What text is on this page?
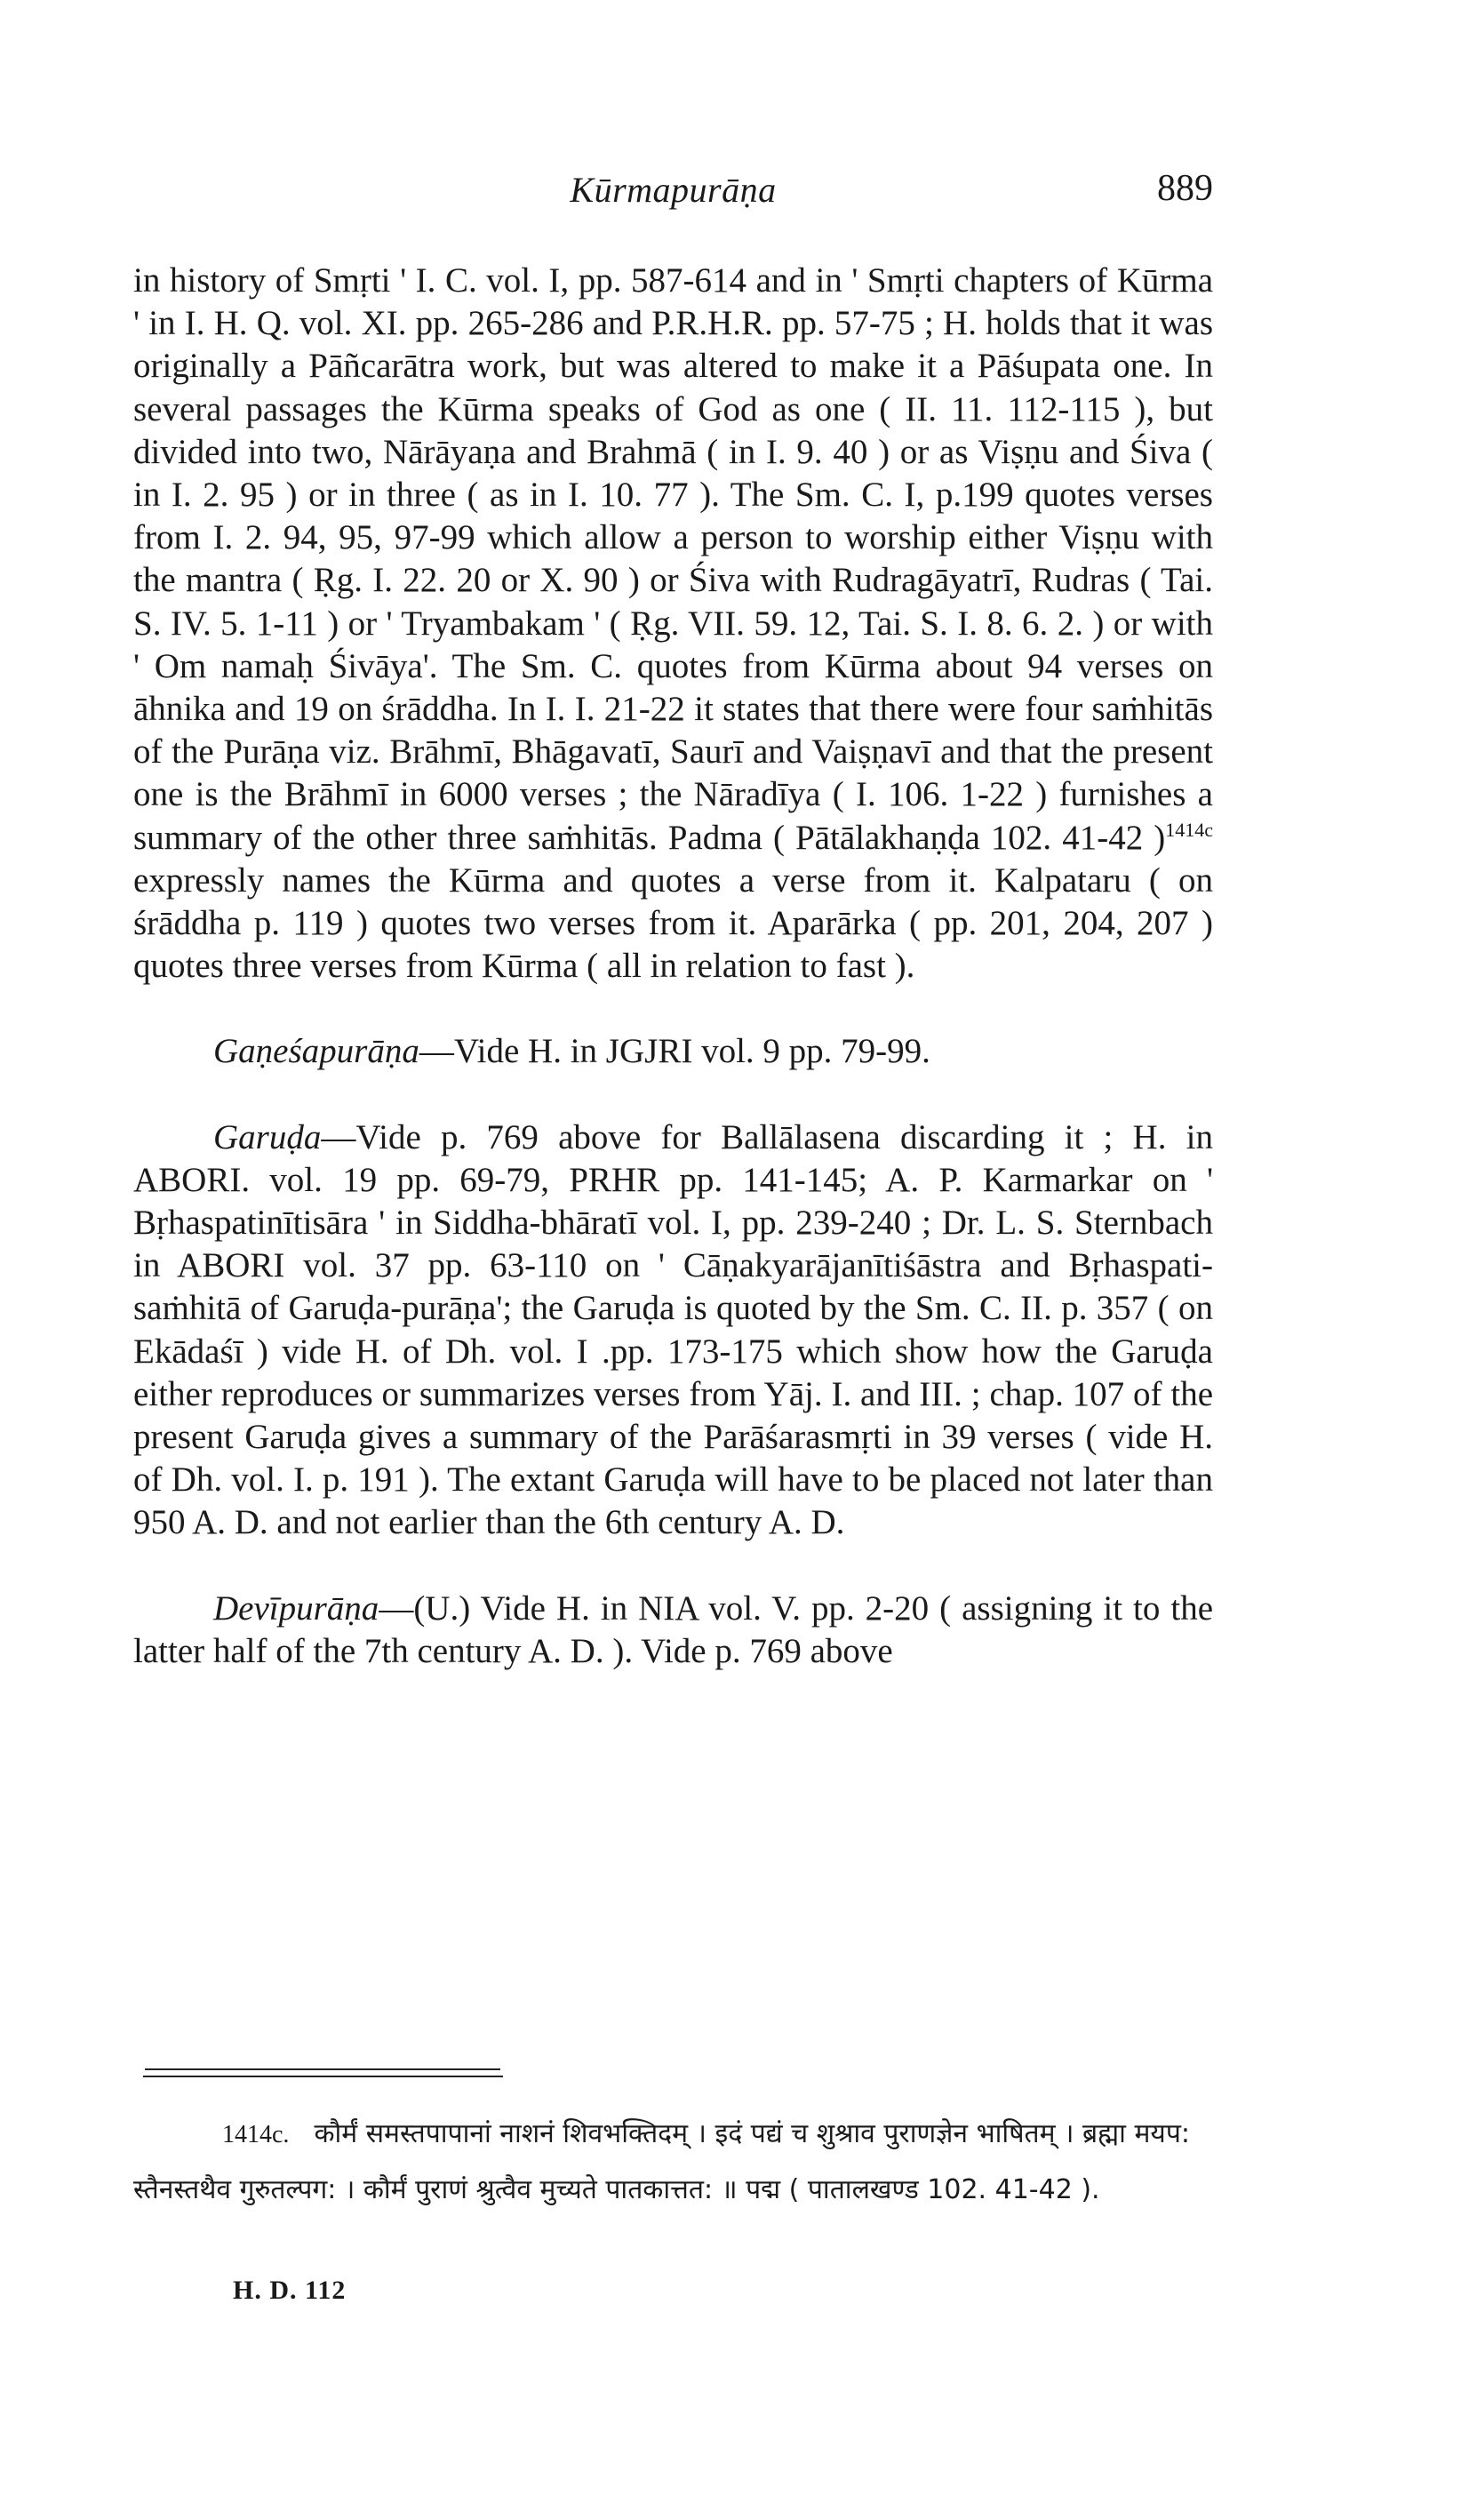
Kūrmapurāṇa	889

in history of Smṛti ' I. C. vol. I, pp. 587-614 and in ' Smṛti chapters of Kūrma ' in I. H. Q. vol. XI. pp. 265-286 and P.R.H.R. pp. 57-75 ; H. holds that it was originally a Pāñcarātra work, but was altered to make it a Pāśupata one. In several passages the Kūrma speaks of God as one ( II. 11. 112-115 ), but divided into two, Nārāyaṇa and Brahmā ( in I. 9. 40 ) or as Viṣṇu and Śiva ( in I. 2. 95 ) or in three ( as in I. 10. 77 ). The Sm. C. I, p.199 quotes verses from I. 2. 94, 95, 97-99 which allow a person to worship either Viṣṇu with the mantra ( Ṛg. I. 22. 20 or X. 90 ) or Śiva with Rudragāyatrī, Rudras ( Tai. S. IV. 5. 1-11 ) or ' Tryambakam ' ( Ṛg. VII. 59. 12, Tai. S. I. 8. 6. 2. ) or with ' Om namaḥ Śivāya'. The Sm. C. quotes from Kūrma about 94 verses on āhnika and 19 on śrāddha. In I. I. 21-22 it states that there were four saṁhitās of the Purāṇa viz. Brāhmī, Bhāgavatī, Saurī and Vaiṣṇavī and that the present one is the Brāhmī in 6000 verses ; the Nāradīya ( I. 106. 1-22 ) furnishes a summary of the other three saṁhitās. Padma ( Pātālakhaṇḍa 102. 41-42 )$^{1414c}$ expressly names the Kūrma and quotes a verse from it. Kalpataru ( on śrāddha p. 119 ) quotes two verses from it. Aparārka ( pp. 201, 204, 207 ) quotes three verses from Kūrma ( all in relation to fast ).

Gaṇeśapurāṇa—Vide H. in JGJRI vol. 9 pp. 79-99.

Garuḍa—Vide p. 769 above for Ballālasena discarding it ; H. in ABORI. vol. 19 pp. 69-79, PRHR pp. 141-145; A. P. Karmarkar on ' Bṛhaspatinītisāra ' in Siddha-bhāratī vol. I, pp. 239-240 ; Dr. L. S. Sternbach in ABORI vol. 37 pp. 63-110 on ' Cāṇakyarājanītiśāstra and Bṛhaspati-saṁhitā of Garuḍa-purāṇa'; the Garuḍa is quoted by the Sm. C. II. p. 357 ( on Ekādaśī ) vide H. of Dh. vol. I .pp. 173-175 which show how the Garuḍa either reproduces or summarizes verses from Yāj. I. and III. ; chap. 107 of the present Garuḍa gives a summary of the Parāśarasmṛti in 39 verses ( vide H. of Dh. vol. I. p. 191 ). The extant Garuḍa will have to be placed not later than 950 A. D. and not earlier than the 6th century A. D.

Devīpurāṇa—(U.) Vide H. in NIA vol. V. pp. 2-20 ( assigning it to the latter half of the 7th century A. D. ). Vide p. 769 above

1414c. कौर्मं समस्तपापानां नाशनं शिवभक्तिदम् । इदं पद्यं च शुश्राव पुराणज्ञेन भाषितम् । ब्रह्मा मयप: स्तैनस्तथैव गुरुतल्पग: । कौर्मं पुराणं श्रुत्वैव मुच्यते पातकात्तत: ॥ पद्म ( पातालखण्ड 102. 41-42 ).
H. D. 112
